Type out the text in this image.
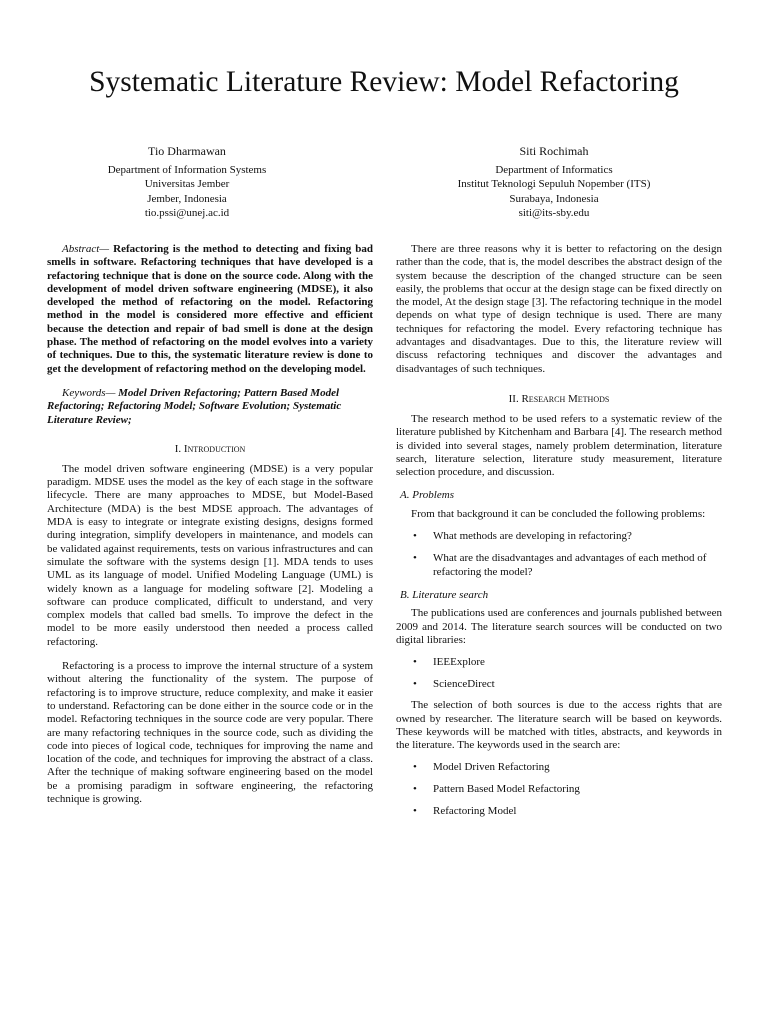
Systematic Literature Review: Model Refactoring
Tio Dharmawan
Department of Information Systems
Universitas Jember
Jember, Indonesia
tio.pssi@unej.ac.id
Siti Rochimah
Department of Informatics
Institut Teknologi Sepuluh Nopember (ITS)
Surabaya, Indonesia
siti@its-sby.edu

Abstract— Refactoring is the method to detecting and fixing bad smells in software. Refactoring techniques that have developed is a refactoring technique that is done on the source code. Along with the development of model driven software engineering (MDSE), it also developed the method of refactoring on the model. Refactoring method in the model is considered more effective and efficient because the detection and repair of bad smell is done at the design phase. The method of refactoring on the model evolves into a variety of techniques. Due to this, the systematic literature review is done to get the development of refactoring method on the developing model.

Keywords— Model Driven Refactoring; Pattern Based Model Refactoring; Refactoring Model; Software Evolution; Systematic Literature Review;

I. Introduction

The model driven software engineering (MDSE) is a very popular paradigm. MDSE uses the model as the key of each stage in the software lifecycle. There are many approaches to MDSE, but Model-Based Architecture (MDA) is the best MDSE approach. The advantages of MDA is easy to integrate or integrate existing designs, designs formed during integration, simplify developers in maintenance, and models can be validated against requirements, tests on various infrastructures and can simulate the software with the systems design [1]. MDA tends to uses UML as its language of model. Unified Modeling Language (UML) is widely known as a language for modeling software [2]. Modeling a software can produce complicated, difficult to understand, and very complex models that called bad smells. To improve the defect in the model to be more easily understood then needed a process called refactoring.

Refactoring is a process to improve the internal structure of a system without altering the functionality of the system. The purpose of refactoring is to improve structure, reduce complexity, and make it easier to understand. Refactoring can be done either in the source code or in the model. Refactoring techniques in the source code are very popular. There are many refactoring techniques in the source code, such as dividing the code into pieces of logical code, techniques for improving the name and location of the code, and techniques for improving the abstract of a class. After the technique of making software engineering based on the model be a promising paradigm in software engineering, the refactoring technique is growing.

There are three reasons why it is better to refactoring on the design rather than the code, that is, the model describes the abstract design of the system because the description of the changed structure can be seen easily, the problems that occur at the design stage can be fixed directly on the model, At the design stage [3]. The refactoring technique in the model depends on what type of design technique is used. There are many techniques for refactoring the model. Every refactoring technique has advantages and disadvantages. Due to this, the literature review will discuss refactoring techniques and discover the advantages and disadvantages of such techniques.

II. Research Methods

The research method to be used refers to a systematic review of the literature published by Kitchenham and Barbara [4]. The research method is divided into several stages, namely problem determination, literature search, literature selection, literature study measurement, literature selection procedure, and discussion.

A. Problems

From that background it can be concluded the following problems:

• What methods are developing in refactoring?
• What are the disadvantages and advantages of each method of refactoring the model?
B. Literature search

The publications used are conferences and journals published between 2009 and 2014. The literature search sources will be conducted on two digital libraries:

• IEEExplore
• ScienceDirect

The selection of both sources is due to the access rights that are owned by researcher. The literature search will be based on keywords. These keywords will be matched with titles, abstracts, and keywords in the literature. The keywords used in the search are:

• Model Driven Refactoring
• Pattern Based Model Refactoring
• Refactoring Model
